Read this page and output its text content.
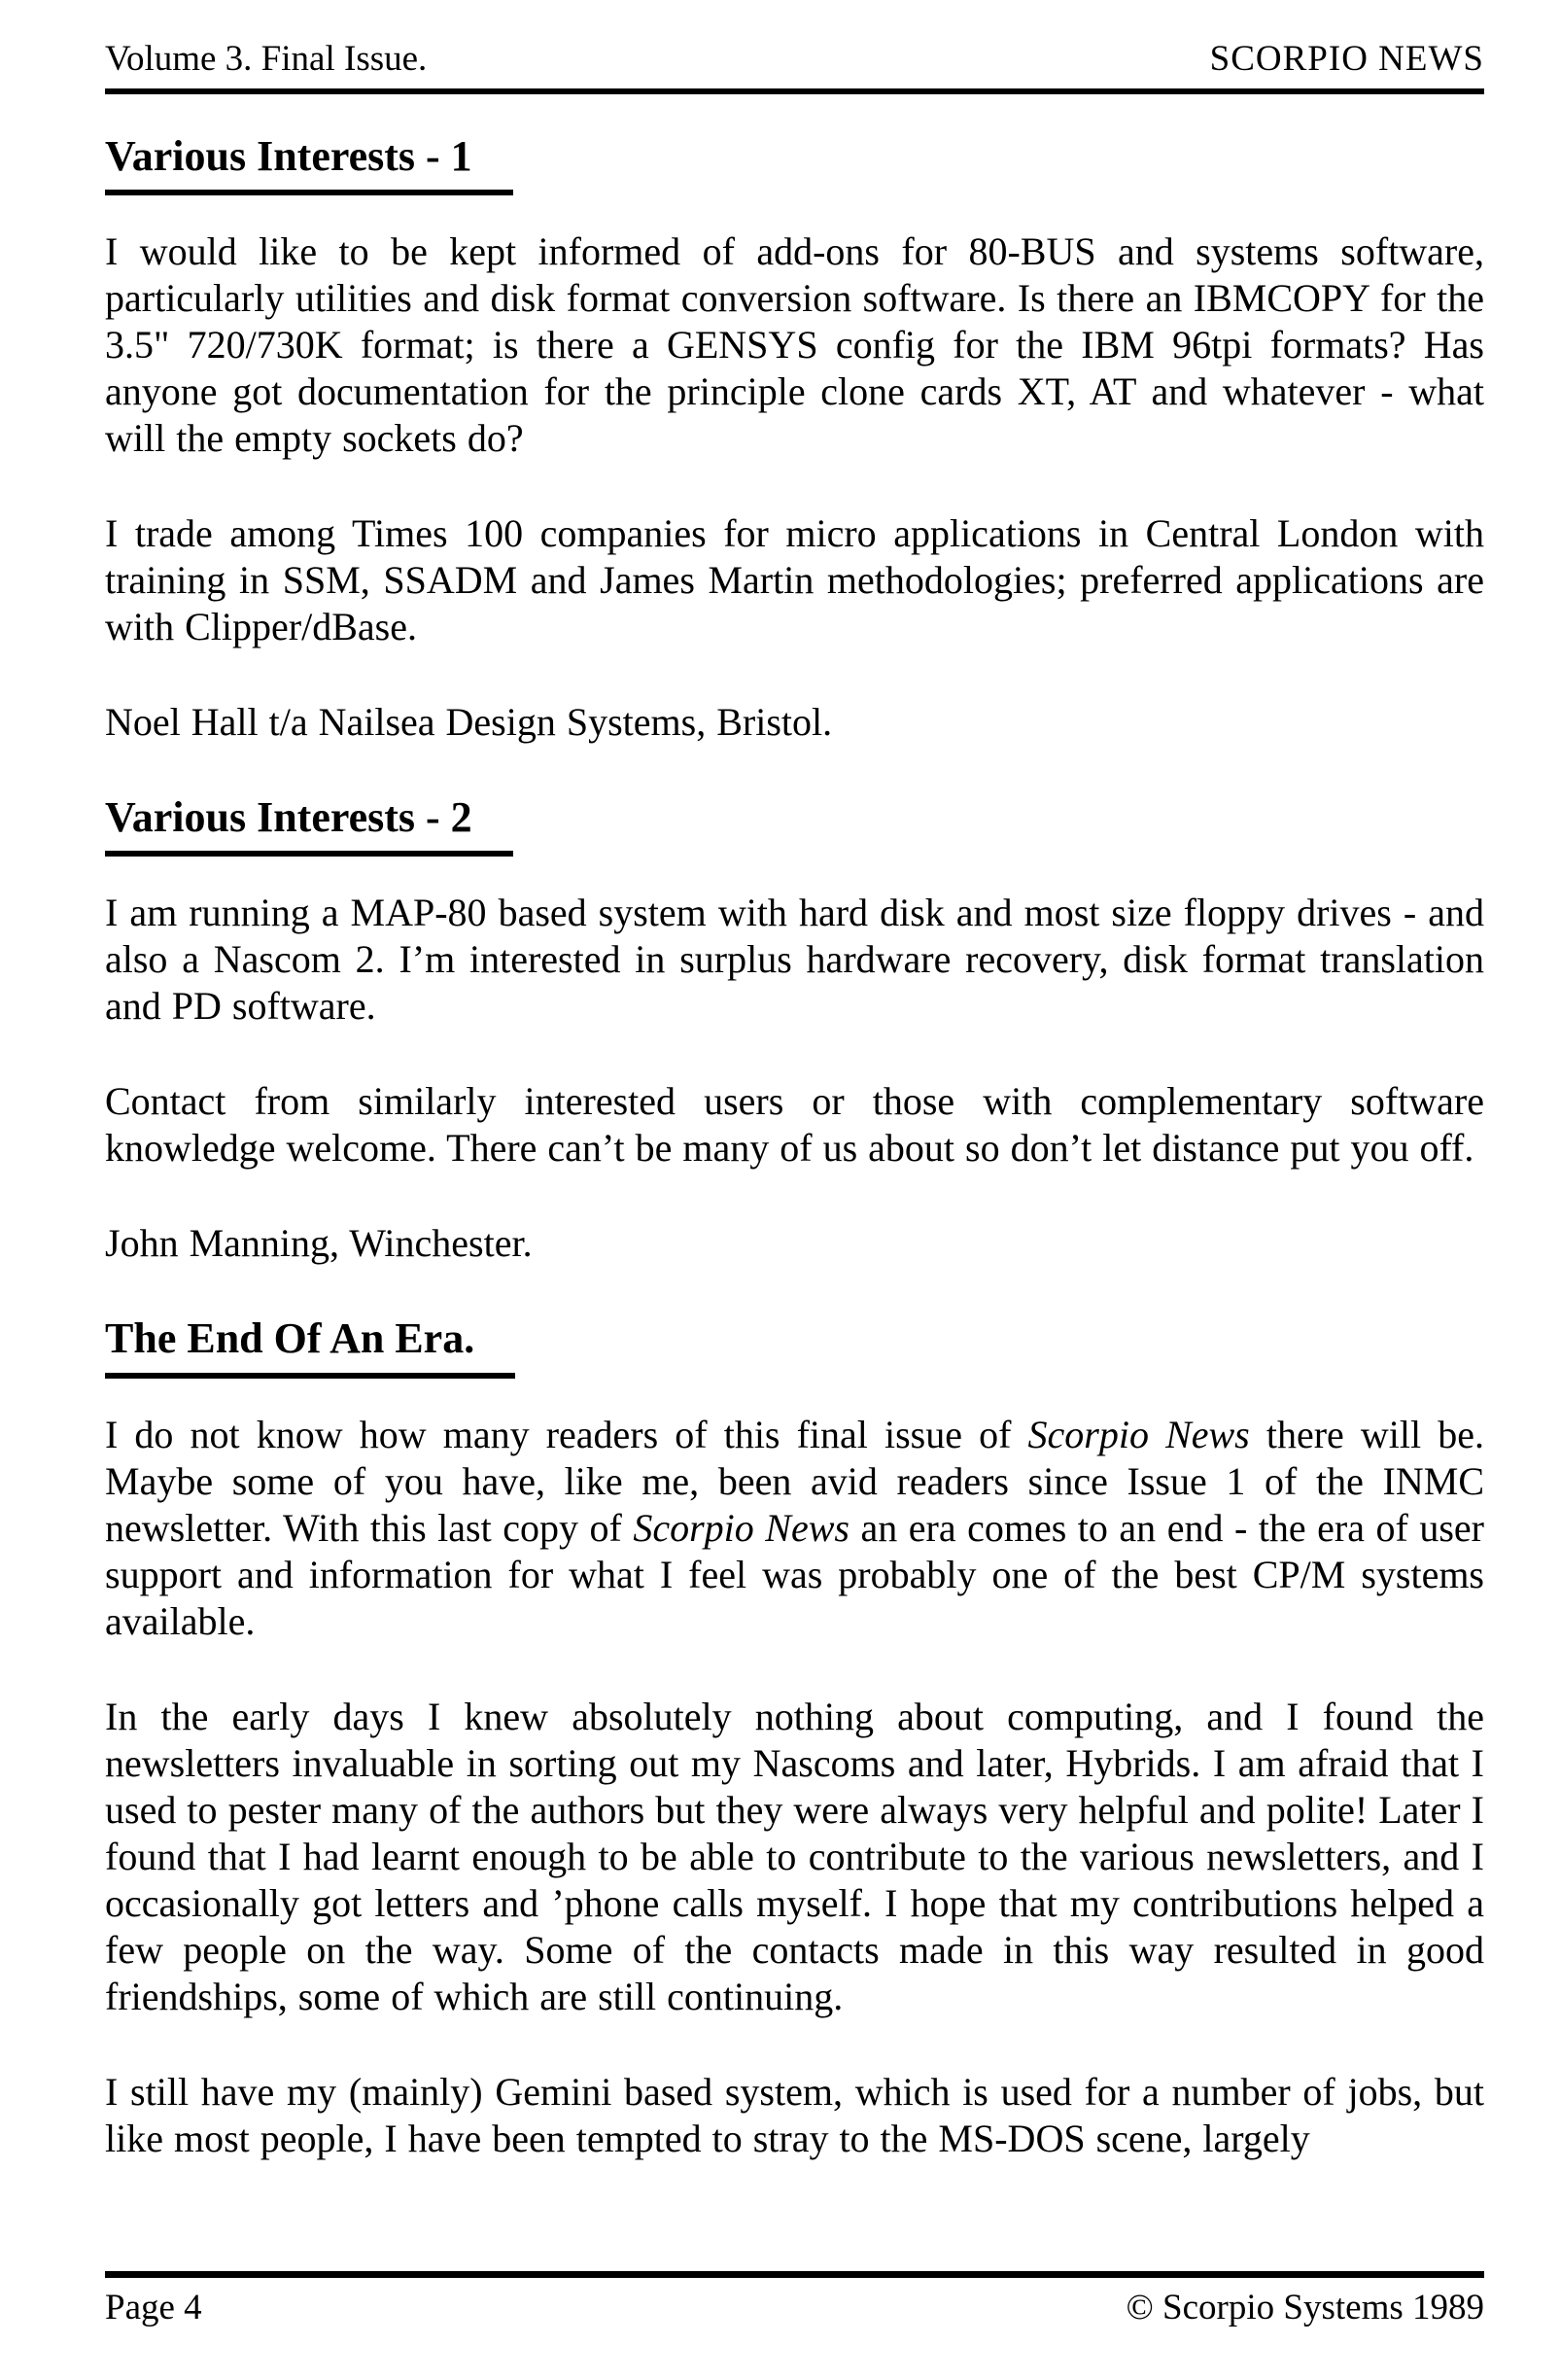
Volume 3. Final Issue.	SCORPIO NEWS
Various Interests - 1

I would like to be kept informed of add-ons for 80-BUS and systems software, particularly utilities and disk format conversion software. Is there an IBMCOPY for the 3.5" 720/730K format; is there a GENSYS config for the IBM 96tpi formats? Has anyone got documentation for the principle clone cards XT, AT and whatever - what will the empty sockets do?

I trade among Times 100 companies for micro applications in Central London with training in SSM, SSADM and James Martin methodologies; preferred applications are with Clipper/dBase.

Noel Hall t/a Nailsea Design Systems, Bristol.

Various Interests - 2

I am running a MAP-80 based system with hard disk and most size floppy drives - and also a Nascom 2. I’m interested in surplus hardware recovery, disk format translation and PD software.

Contact from similarly interested users or those with complementary software knowledge welcome. There can’t be many of us about so don’t let distance put you off.

John Manning, Winchester.

The End Of An Era.

I do not know how many readers of this final issue of Scorpio News there will be. Maybe some of you have, like me, been avid readers since Issue 1 of the INMC newsletter. With this last copy of Scorpio News an era comes to an end - the era of user support and information for what I feel was probably one of the best CP/M systems available.

In the early days I knew absolutely nothing about computing, and I found the newsletters invaluable in sorting out my Nascoms and later, Hybrids. I am afraid that I used to pester many of the authors but they were always very helpful and polite! Later I found that I had learnt enough to be able to contribute to the various newsletters, and I occasionally got letters and ’phone calls myself. I hope that my contributions helped a few people on the way. Some of the contacts made in this way resulted in good friendships, some of which are still continuing.

I still have my (mainly) Gemini based system, which is used for a number of jobs, but like most people, I have been tempted to stray to the MS-DOS scene, largely

Page 4	© Scorpio Systems 1989
